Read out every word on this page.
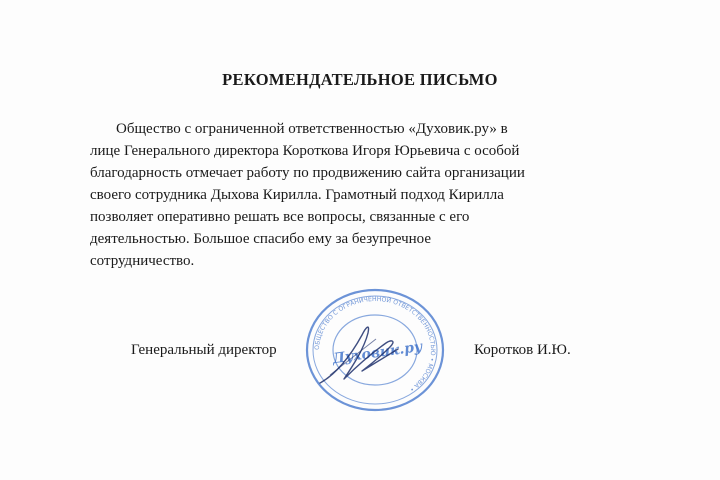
РЕКОМЕНДАТЕЛЬНОЕ ПИСЬМО
Общество с ограниченной ответственностью «Духовик.ру» в
лице Генерального директора Короткова Игоря Юрьевича с особой
благодарность отмечает работу по продвижению сайта организации
своего сотрудника Дыхова Кирилла. Грамотный подход Кирилла
позволяет оперативно решать все вопросы, связанные с его
деятельностью. Большое спасибо ему за безупречное
сотрудничество.
ОБЩЕСТВО С ОГРАНИЧЕННОЙ ОТВЕТСТВЕННОСТЬЮ • МОСКВА •
Духовик.ру
Генеральный директор	Коротков И.Ю.
